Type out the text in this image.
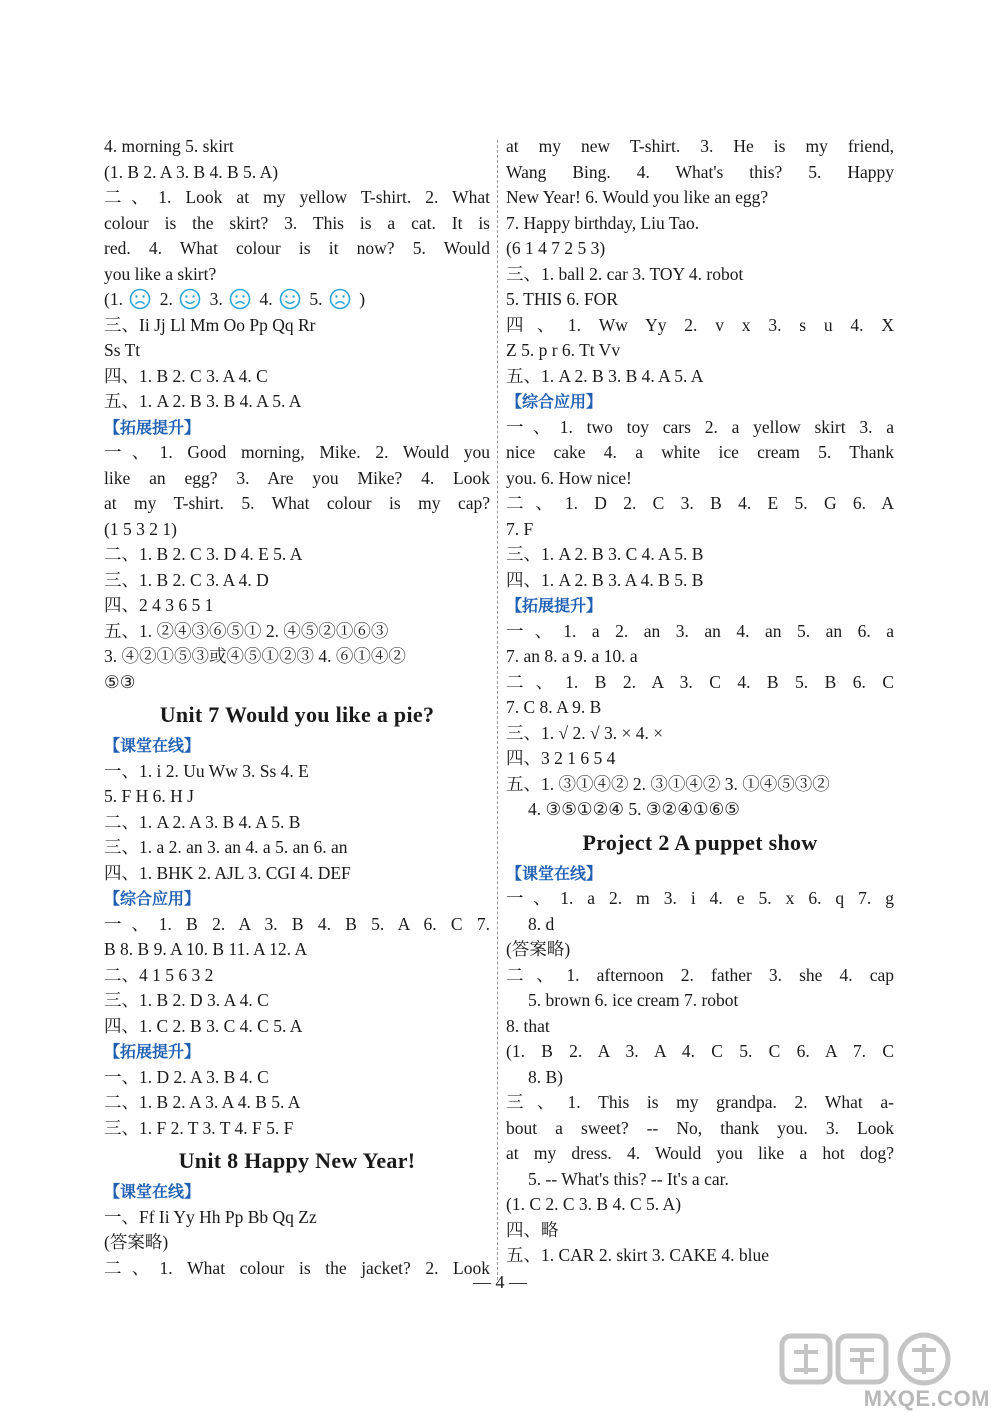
4. morning 5. skirt
(1. B 2. A 3. B 4. B 5. A)
二、1. Look at my yellow T-shirt. 2. What
colour is the skirt? 3. This is a cat. It is
red. 4. What colour is it now? 5. Would
you like a skirt?
(1. 2. 3. 4. 5. )
三、Ii Jj Ll Mm Oo Pp Qq Rr
Ss Tt
四、1. B 2. C 3. A 4. C
五、1. A 2. B 3. B 4. A 5. A
【拓展提升】
一、1. Good morning, Mike. 2. Would you
like an egg? 3. Are you Mike? 4. Look
at my T-shirt. 5. What colour is my cap?
(1 5 3 2 1)
二、1. B 2. C 3. D 4. E 5. A
三、1. B 2. C 3. A 4. D
四、2 4 3 6 5 1
五、1. ②④③⑥⑤① 2. ④⑤②①⑥③
3. ④②①⑤③或④⑤①②③ 4. ⑥①④②
⑤③
Unit 7 Would you like a pie?
【课堂在线】
一、1. i 2. Uu Ww 3. Ss 4. E
5. F H 6. H J
二、1. A 2. A 3. B 4. A 5. B
三、1. a 2. an 3. an 4. a 5. an 6. an
四、1. BHK 2. AJL 3. CGI 4. DEF
【综合应用】
一、1. B 2. A 3. B 4. B 5. A 6. C 7.
B 8. B 9. A 10. B 11. A 12. A
二、4 1 5 6 3 2
三、1. B 2. D 3. A 4. C
四、1. C 2. B 3. C 4. C 5. A
【拓展提升】
一、1. D 2. A 3. B 4. C
二、1. B 2. A 3. A 4. B 5. A
三、1. F 2. T 3. T 4. F 5. F
Unit 8 Happy New Year!
【课堂在线】
一、Ff Ii Yy Hh Pp Bb Qq Zz
(答案略)
二、1. What colour is the jacket? 2. Look
at my new T-shirt. 3. He is my friend,
Wang Bing. 4. What's this? 5. Happy
New Year! 6. Would you like an egg?
7. Happy birthday, Liu Tao.
(6 1 4 7 2 5 3)
三、1. ball 2. car 3. TOY 4. robot
5. THIS 6. FOR
四、1. Ww Yy 2. v x 3. s u 4. X
Z 5. p r 6. Tt Vv
五、1. A 2. B 3. B 4. A 5. A
【综合应用】
一、1. two toy cars 2. a yellow skirt 3. a
nice cake 4. a white ice cream 5. Thank
you. 6. How nice!
二、1. D 2. C 3. B 4. E 5. G 6. A
7. F
三、1. A 2. B 3. C 4. A 5. B
四、1. A 2. B 3. A 4. B 5. B
【拓展提升】
一、1. a 2. an 3. an 4. an 5. an 6. a
7. an 8. a 9. a 10. a
二、1. B 2. A 3. C 4. B 5. B 6. C
7. C 8. A 9. B
三、1. √ 2. √ 3. × 4. ×
四、3 2 1 6 5 4
五、1. ③①④② 2. ③①④② 3. ①④⑤③②
4. ③⑤①②④ 5. ③②④①⑥⑤
Project 2 A puppet show
【课堂在线】
一、1. a 2. m 3. i 4. e 5. x 6. q 7. g
8. d
(答案略)
二、1. afternoon 2. father 3. she 4. cap
5. brown 6. ice cream 7. robot
8. that
(1. B 2. A 3. A 4. C 5. C 6. A 7. C
8. B)
三、1. This is my grandpa. 2. What a-
bout a sweet? -- No, thank you. 3. Look
at my dress. 4. Would you like a hot dog?
5. -- What's this? -- It's a car.
(1. C 2. C 3. B 4. C 5. A)
四、略
五、1. CAR 2. skirt 3. CAKE 4. blue
— 4 —
MXQE.COM
